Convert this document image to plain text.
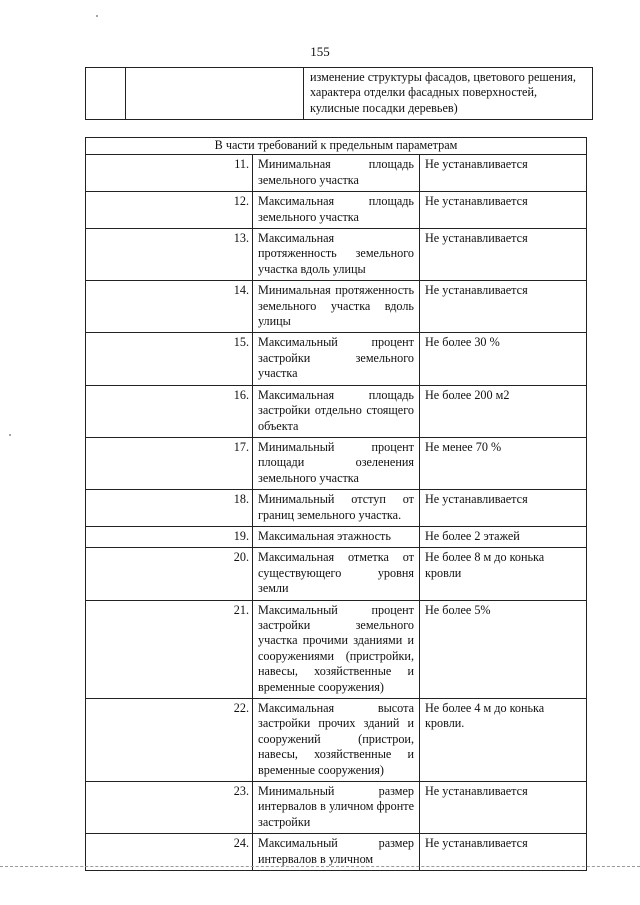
155
		изменение структуры фасадов, цветового решения, характера отделки фасадных поверхностей, кулисные посадки деревьев)
В части требований к предельным параметрам		
11.	Минимальная площадь земельного участка	Не устанавливается
12.	Максимальная площадь земельного участка	Не устанавливается
13.	Максимальная протяженность земельного участка вдоль улицы	Не устанавливается
14.	Минимальная протяженность земельного участка вдоль улицы	Не устанавливается
15.	Максимальный процент застройки земельного участка	Не более 30 %
16.	Максимальная площадь застройки отдельно стоящего объекта	Не более 200 м2
17.	Минимальный процент площади озеленения земельного участка	Не менее 70 %
18.	Минимальный отступ от границ земельного участка.	Не устанавливается
19.	Максимальная этажность	Не более 2 этажей
20.	Максимальная отметка от существующего уровня земли	Не более 8 м до конька кровли
21.	Максимальный процент застройки земельного участка прочими зданиями и сооружениями (пристройки, навесы, хозяйственные и временные сооружения)	Не более 5%
22.	Максимальная высота застройки прочих зданий и сооружений (пристрои, навесы, хозяйственные и временные сооружения)	Не более 4 м до конька кровли.
23.	Минимальный размер интервалов в уличном фронте застройки	Не устанавливается
24.	Максимальный размер интервалов в уличном	Не устанавливается
